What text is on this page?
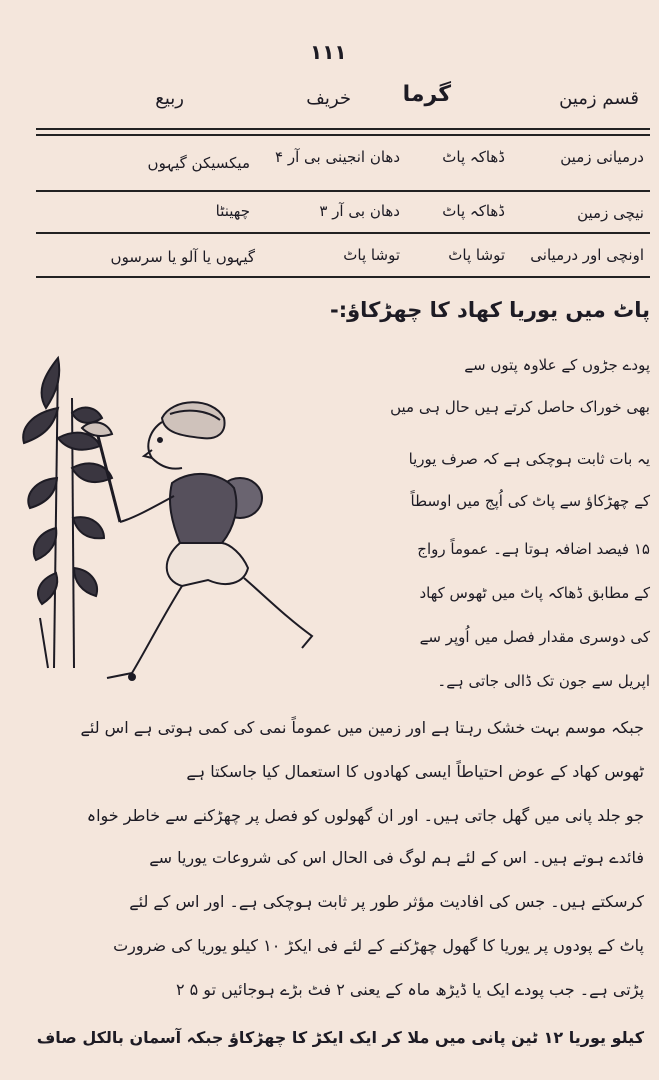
۱۱۱
قسم زمین
گرما
خریف
ربیع
درمیانی زمین
ڈھاکہ پاٹ
دھان انجینی بی آر ۴
میکسیکن گیہوں
نیچی زمین
ڈھاکہ پاٹ
دھان بی آر ۳
چھینٹا
اونچی اور درمیانی
توشا پاٹ
توشا پاٹ
گیہوں یا آلو یا سرسوں
پاٹ میں یوریا کھاد کا چھڑکاؤ:-
پودے جڑوں کے علاوہ پتوں سے
بھی خوراک حاصل کرتے ہیں حال ہی میں
یہ بات ثابت ہوچکی ہے کہ صرف یوریا
کے چھڑکاؤ سے پاٹ کی اُپج میں اوسطاً
۱۵ فیصد اضافہ ہوتا ہے۔ عموماً رواج
کے مطابق ڈھاکہ پاٹ میں ٹھوس کھاد
کی دوسری مقدار فصل میں اُوپر سے
اپریل سے جون تک ڈالی جاتی ہے۔
جبکہ موسم بہت خشک رہتا ہے اور زمین میں عموماً نمی کی کمی ہوتی ہے اس لئے
ٹھوس کھاد کے عوض احتیاطاً ایسی کھادوں کا استعمال کیا جاسکتا ہے
جو جلد پانی میں گھل جاتی ہیں۔ اور ان گھولوں کو فصل پر چھڑکنے سے خاطر خواہ
فائدے ہوتے ہیں۔ اس کے لئے ہم لوگ فی الحال اس کی شروعات یوریا سے
کرسکتے ہیں۔ جس کی افادیت مؤثر طور پر ثابت ہوچکی ہے۔ اور اس کے لئے
پاٹ کے پودوں پر یوریا کا گھول چھڑکنے کے لئے فی ایکڑ ۱۰ کیلو یوریا کی ضرورت
پڑتی ہے۔ جب پودے ایک یا ڈیڑھ ماہ کے یعنی ۲ فٹ بڑے ہوجائیں تو ۵ ۲
کیلو یوریا ۱۲ ٹین پانی میں ملا کر ایک ایکڑ کا چھڑکاؤ جبکہ آسمان بالکل صاف
